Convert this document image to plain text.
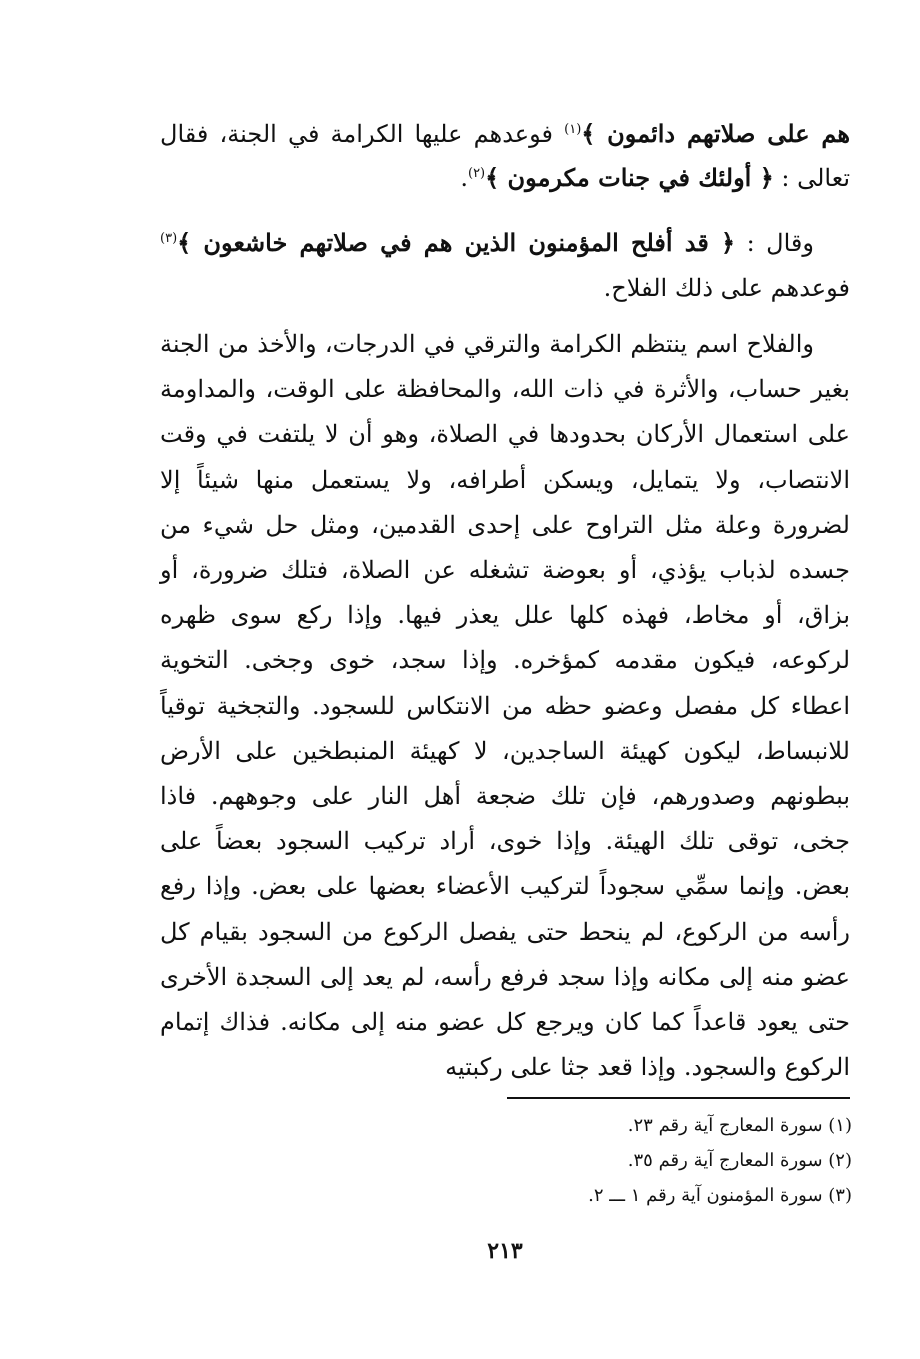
هم على صلاتهم دائمون ﴾$^{(١)}$ فوعدهم عليها الكرامة في الجنة، فقال تعالى : ﴿ أولئك في جنات مكرمون ﴾$^{(٢)}$.
وقال : ﴿ قد أفلح المؤمنون الذين هم في صلاتهم خاشعون ﴾$^{(٣)}$ فوعدهم على ذلك الفلاح.
والفلاح اسم ينتظم الكرامة والترقي في الدرجات، والأخذ من الجنة بغير حساب، والأثرة في ذات الله، والمحافظة على الوقت، والمداومة على استعمال الأركان بحدودها في الصلاة، وهو أن لا يلتفت في وقت الانتصاب، ولا يتمايل، ويسكن أطرافه، ولا يستعمل منها شيئاً إلا لضرورة وعلة مثل التراوح على إحدى القدمين، ومثل حل شيء من جسده لذباب يؤذي، أو بعوضة تشغله عن الصلاة، فتلك ضرورة، أو بزاق، أو مخاط، فهذه كلها علل يعذر فيها. وإذا ركع سوى ظهره لركوعه، فيكون مقدمه كمؤخره. وإذا سجد، خوى وجخى. التخوية اعطاء كل مفصل وعضو حظه من الانتكاس للسجود. والتجخية توقياً للانبساط، ليكون كهيئة الساجدين، لا كهيئة المنبطخين على الأرض ببطونهم وصدورهم، فإن تلك ضجعة أهل النار على وجوههم. فاذا جخى، توقى تلك الهيئة. وإذا خوى، أراد تركيب السجود بعضاً على بعض. وإنما سمِّي سجوداً لتركيب الأعضاء بعضها على بعض. وإذا رفع رأسه من الركوع، لم ينحط حتى يفصل الركوع من السجود بقيام كل عضو منه إلى مكانه وإذا سجد فرفع رأسه، لم يعد إلى السجدة الأخرى حتى يعود قاعداً كما كان ويرجع كل عضو منه إلى مكانه. فذاك إتمام الركوع والسجود. وإذا قعد جثا على ركبتيه
(١) سورة المعارج آية رقم ٢٣.
(٢) سورة المعارج آية رقم ٣٥.
(٣) سورة المؤمنون آية رقم ١ ـــ ٢.
٢١٣
